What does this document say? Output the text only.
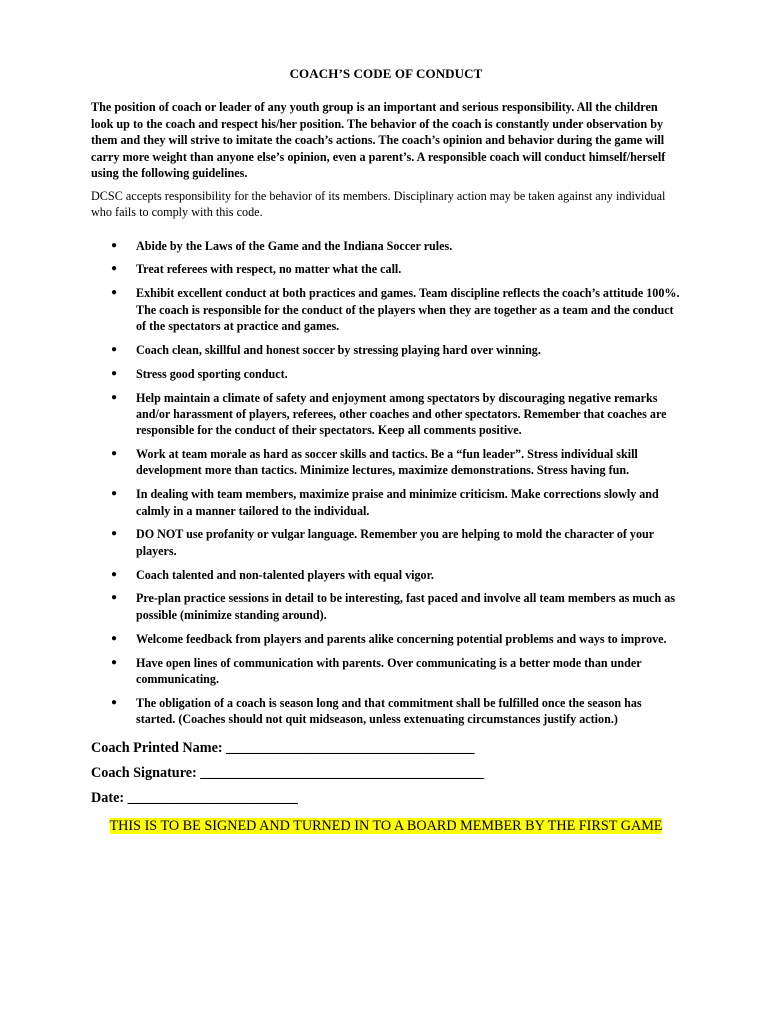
COACH’S CODE OF CONDUCT

The position of coach or leader of any youth group is an important and serious responsibility. All the children look up to the coach and respect his/her position. The behavior of the coach is constantly under observation by them and they will strive to imitate the coach’s actions. The coach’s opinion and behavior during the game will carry more weight than anyone else’s opinion, even a parent’s. A responsible coach will conduct himself/herself using the following guidelines.

DCSC accepts responsibility for the behavior of its members. Disciplinary action may be taken against any individual who fails to comply with this code.

● Abide by the Laws of the Game and the Indiana Soccer rules.
● Treat referees with respect, no matter what the call.
● Exhibit excellent conduct at both practices and games. Team discipline reflects the coach’s attitude 100%. The coach is responsible for the conduct of the players when they are together as a team and the conduct of the spectators at practice and games.
● Coach clean, skillful and honest soccer by stressing playing hard over winning.
● Stress good sporting conduct.
● Help maintain a climate of safety and enjoyment among spectators by discouraging negative remarks and/or harassment of players, referees, other coaches and other spectators. Remember that coaches are responsible for the conduct of their spectators. Keep all comments positive.
● Work at team morale as hard as soccer skills and tactics. Be a “fun leader”. Stress individual skill development more than tactics. Minimize lectures, maximize demonstrations. Stress having fun.
● In dealing with team members, maximize praise and minimize criticism. Make corrections slowly and calmly in a manner tailored to the individual.
● DO NOT use profanity or vulgar language. Remember you are helping to mold the character of your players.
● Coach talented and non-talented players with equal vigor.
● Pre-plan practice sessions in detail to be interesting, fast paced and involve all team members as much as possible (minimize standing around).
● Welcome feedback from players and parents alike concerning potential problems and ways to improve.
● Have open lines of communication with parents. Over communicating is a better mode than under communicating.
● The obligation of a coach is season long and that commitment shall be fulfilled once the season has started. (Coaches should not quit midseason, unless extenuating circumstances justify action.)
Coach Printed Name: ___________________________________
Coach Signature: ________________________________________
Date: ________________________
THIS IS TO BE SIGNED AND TURNED IN TO A BOARD MEMBER BY THE FIRST GAME
